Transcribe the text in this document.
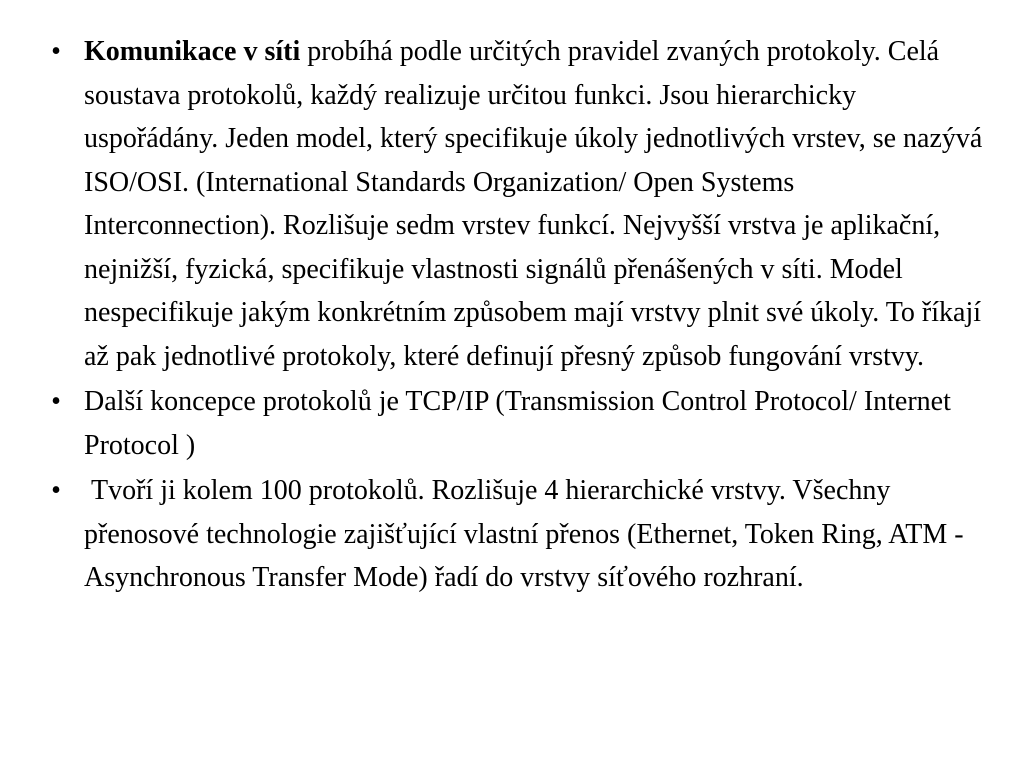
• Komunikace v síti probíhá podle určitých pravidel zvaných protokoly. Celá soustava protokolů, každý realizuje určitou funkci. Jsou hierarchicky uspořádány. Jeden model, který specifikuje úkoly jednotlivých vrstev, se nazývá ISO/OSI. (International Standards Organization/ Open Systems Interconnection). Rozlišuje sedm vrstev funkcí. Nejvyšší vrstva je aplikační, nejnižší, fyzická, specifikuje vlastnosti signálů přenášených v síti. Model nespecifikuje jakým konkrétním způsobem mají vrstvy plnit své úkoly. To říkají až pak jednotlivé protokoly, které definují přesný způsob fungování vrstvy.
• Další koncepce protokolů je TCP/IP (Transmission Control Protocol/ Internet Protocol )
• Tvoří ji kolem 100 protokolů. Rozlišuje 4 hierarchické vrstvy. Všechny přenosové technologie zajišťující vlastní přenos (Ethernet, Token Ring, ATM - Asynchronous Transfer Mode) řadí do vrstvy síťového rozhraní.
